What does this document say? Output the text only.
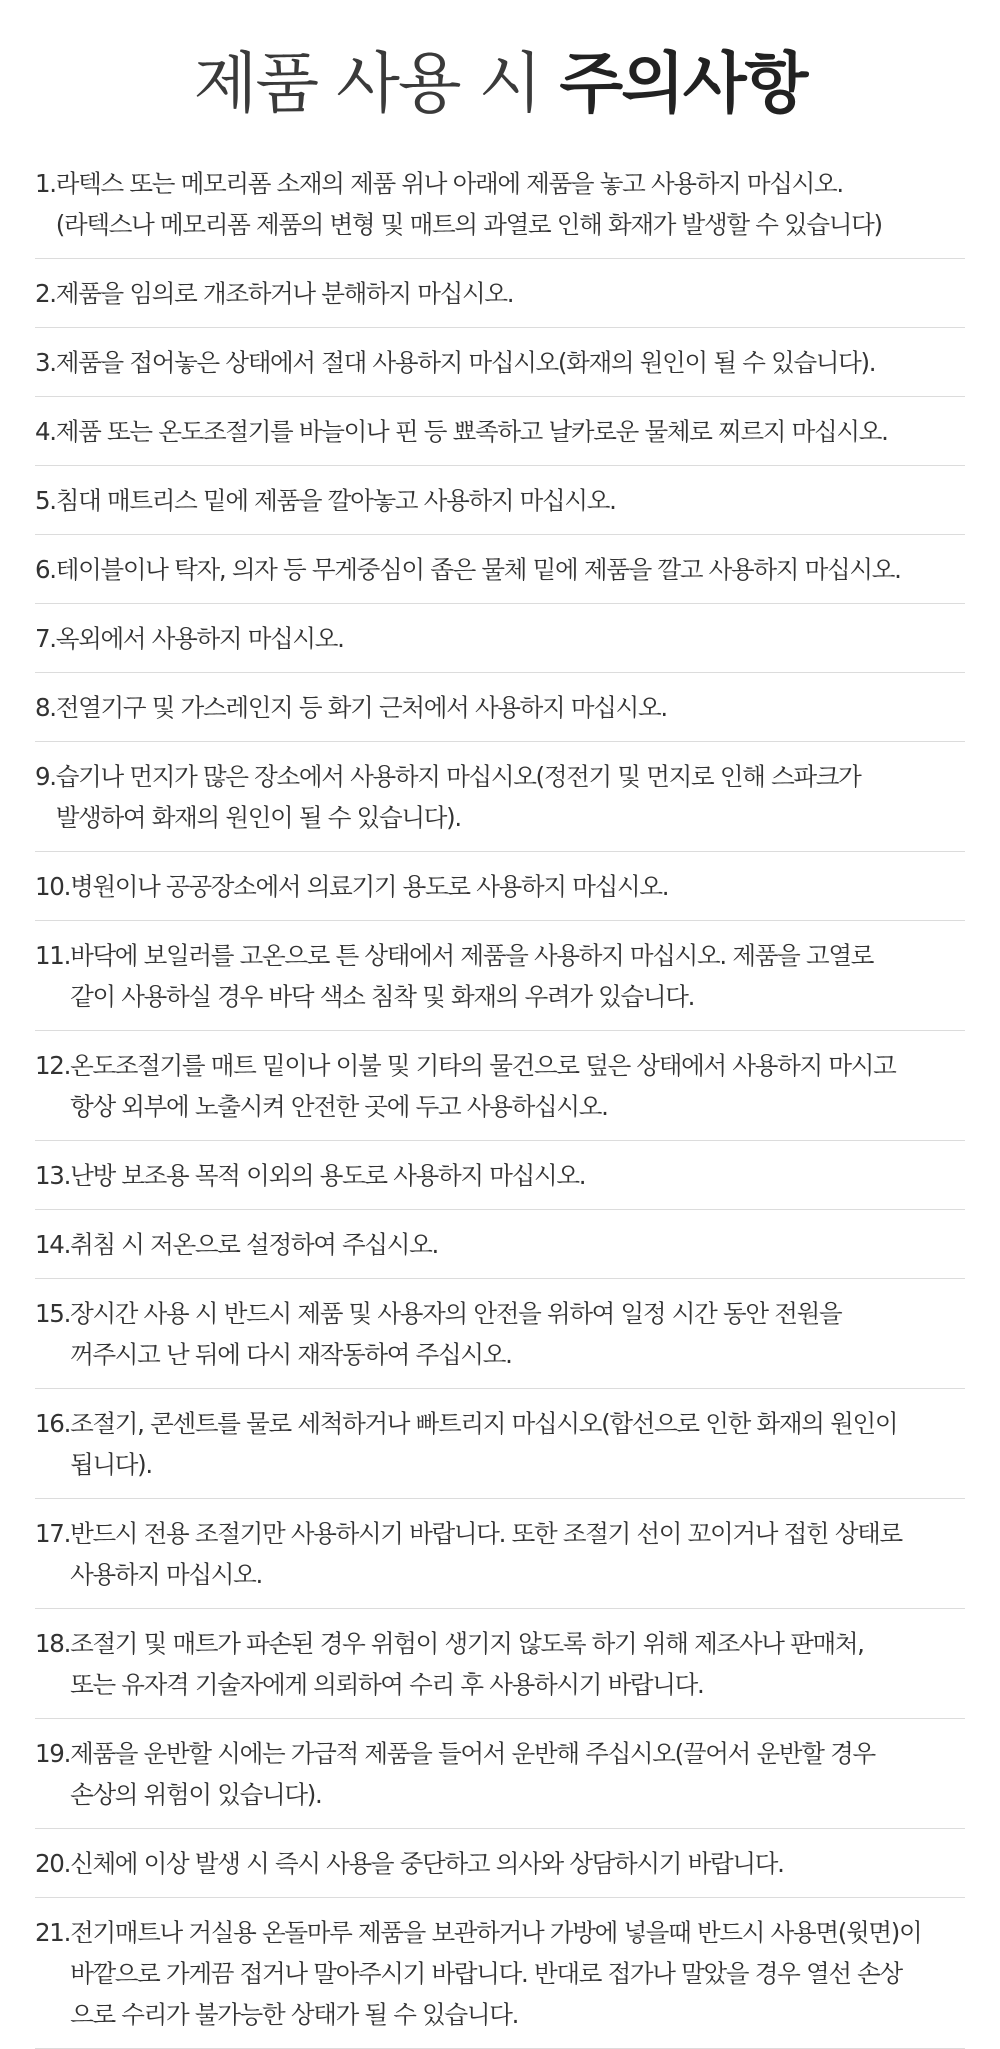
제품 사용 시 주의사항
1. 라텍스 또는 메모리폼 소재의 제품 위나 아래에 제품을 놓고 사용하지 마십시오.
(라텍스나 메모리폼 제품의 변형 및 매트의 과열로 인해 화재가 발생할 수 있습니다)
2. 제품을 임의로 개조하거나 분해하지 마십시오.
3. 제품을 접어놓은 상태에서 절대 사용하지 마십시오(화재의 원인이 될 수 있습니다).
4. 제품 또는 온도조절기를 바늘이나 핀 등 뾰족하고 날카로운 물체로 찌르지 마십시오.
5. 침대 매트리스 밑에 제품을 깔아놓고 사용하지 마십시오.
6. 테이블이나 탁자, 의자 등 무게중심이 좁은 물체 밑에 제품을 깔고 사용하지 마십시오.
7. 옥외에서 사용하지 마십시오.
8. 전열기구 및 가스레인지 등 화기 근처에서 사용하지 마십시오.
9. 습기나 먼지가 많은 장소에서 사용하지 마십시오(정전기 및 먼지로 인해 스파크가
발생하여 화재의 원인이 될 수 있습니다).
10. 병원이나 공공장소에서 의료기기 용도로 사용하지 마십시오.
11. 바닥에 보일러를 고온으로 튼 상태에서 제품을 사용하지 마십시오. 제품을 고열로
같이 사용하실 경우 바닥 색소 침착 및 화재의 우려가 있습니다.
12. 온도조절기를 매트 밑이나 이불 및 기타의 물건으로 덮은 상태에서 사용하지 마시고
항상 외부에 노출시켜 안전한 곳에 두고 사용하십시오.
13. 난방 보조용 목적 이외의 용도로 사용하지 마십시오.
14. 취침 시 저온으로 설정하여 주십시오.
15. 장시간 사용 시 반드시 제품 및 사용자의 안전을 위하여 일정 시간 동안 전원을
꺼주시고 난 뒤에 다시 재작동하여 주십시오.
16. 조절기, 콘센트를 물로 세척하거나 빠트리지 마십시오(합선으로 인한 화재의 원인이
됩니다).
17. 반드시 전용 조절기만 사용하시기 바랍니다. 또한 조절기 선이 꼬이거나 접힌 상태로
사용하지 마십시오.
18. 조절기 및 매트가 파손된 경우 위험이 생기지 않도록 하기 위해 제조사나 판매처,
또는 유자격 기술자에게 의뢰하여 수리 후 사용하시기 바랍니다.
19. 제품을 운반할 시에는 가급적 제품을 들어서 운반해 주십시오(끌어서 운반할 경우
손상의 위험이 있습니다).
20. 신체에 이상 발생 시 즉시 사용을 중단하고 의사와 상담하시기 바랍니다.
21. 전기매트나 거실용 온돌마루 제품을 보관하거나 가방에 넣을때 반드시 사용면(윗면)이
바깥으로 가게끔 접거나 말아주시기 바랍니다. 반대로 접가나 말았을 경우 열선 손상
으로 수리가 불가능한 상태가 될 수 있습니다.
